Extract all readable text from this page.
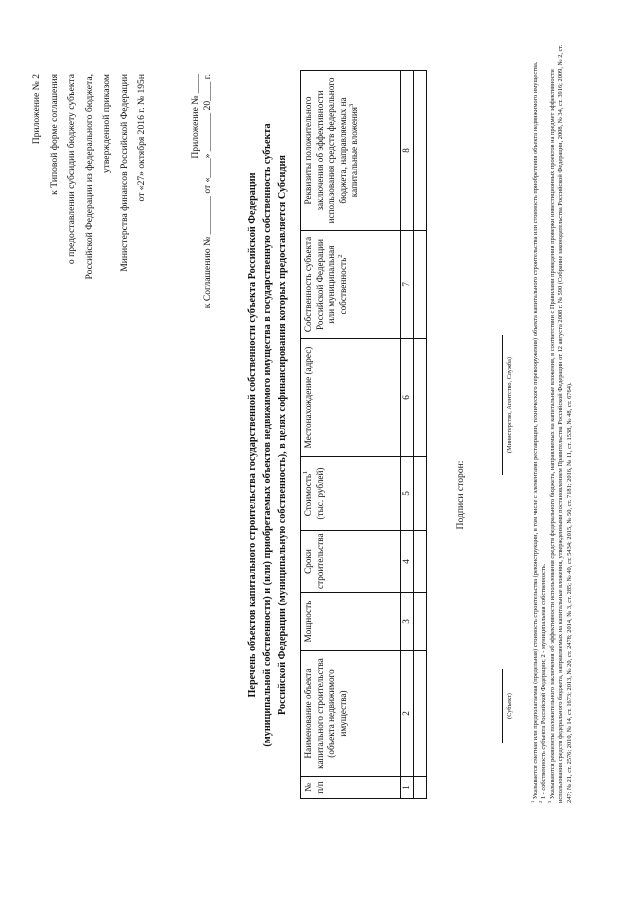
Приложение № 2 к Типовой форме соглашения о предоставлении субсидии бюджету субъекта Российской Федерации из федерального бюджета, утвержденной приказом Министерства финансов Российской Федерации от «27» октября 2016 г. № 195н	Приложение № ____ к Соглашению № ________ от «____» ________ 20____ г.	Перечень объектов капитального строительства государственной собственности субъекта Российской Федерации (муниципальной собственности) и (или) приобретаемых объектов недвижимого имущества в государственную собственность субъекта Российской Федерации (муниципальную собственность), в целях софинансирования которых предоставляется Субсидия
№ п/п	Наименование объекта капитального строительства (объекта недвижимого имущества)	Мощность	Сроки строительства	Стоимость$^1$ (тыс. рублей)	Местонахождение (адрес)	Собственность субъекта Российской Федерации или муниципальная собственность$^2$	Реквизиты положительного заключения об эффективности использования средств федерального бюджета, направляемых на капитальные вложения$^3$
1	2	3	4	5	6	7	8

Подписи сторон:
(Субъект)
(Министерство, Агентство, Служба)

$^1$ Указывается сметная или предполагаемая (предельная) стоимость строительства (реконструкции, в том числе с элементами реставрации, технического перевооружения) объекта капитального строительства или стоимость приобретения объекта недвижимого имущества.

$^2$ 1 - собственность субъекта Российской Федерации; 2 - муниципальная собственность.

$^3$ Указываются реквизиты положительного заключения об эффективности использования средств федерального бюджета, направляемых на капитальные вложения, в соответствии с Правилами проведения проверки инвестиционных проектов на предмет эффективности использования средств федерального бюджета, направляемых на капитальные вложения, утвержденными постановлением Правительства Российской Федерации от 12 августа 2008 г. № 590 (Собрание законодательства Российской Федерации, 2008, № 34, ст. 3916; 2009, № 2, ст. 247; № 21, ст. 2576; 2010, № 14, ст. 1673; 2013, № 20, ст. 2478; 2014, № 3, ст. 285; № 40, ст. 5434; 2015, № 50, ст. 7181; 2016, № 11, ст. 1538, № 48, ст. 6764).
